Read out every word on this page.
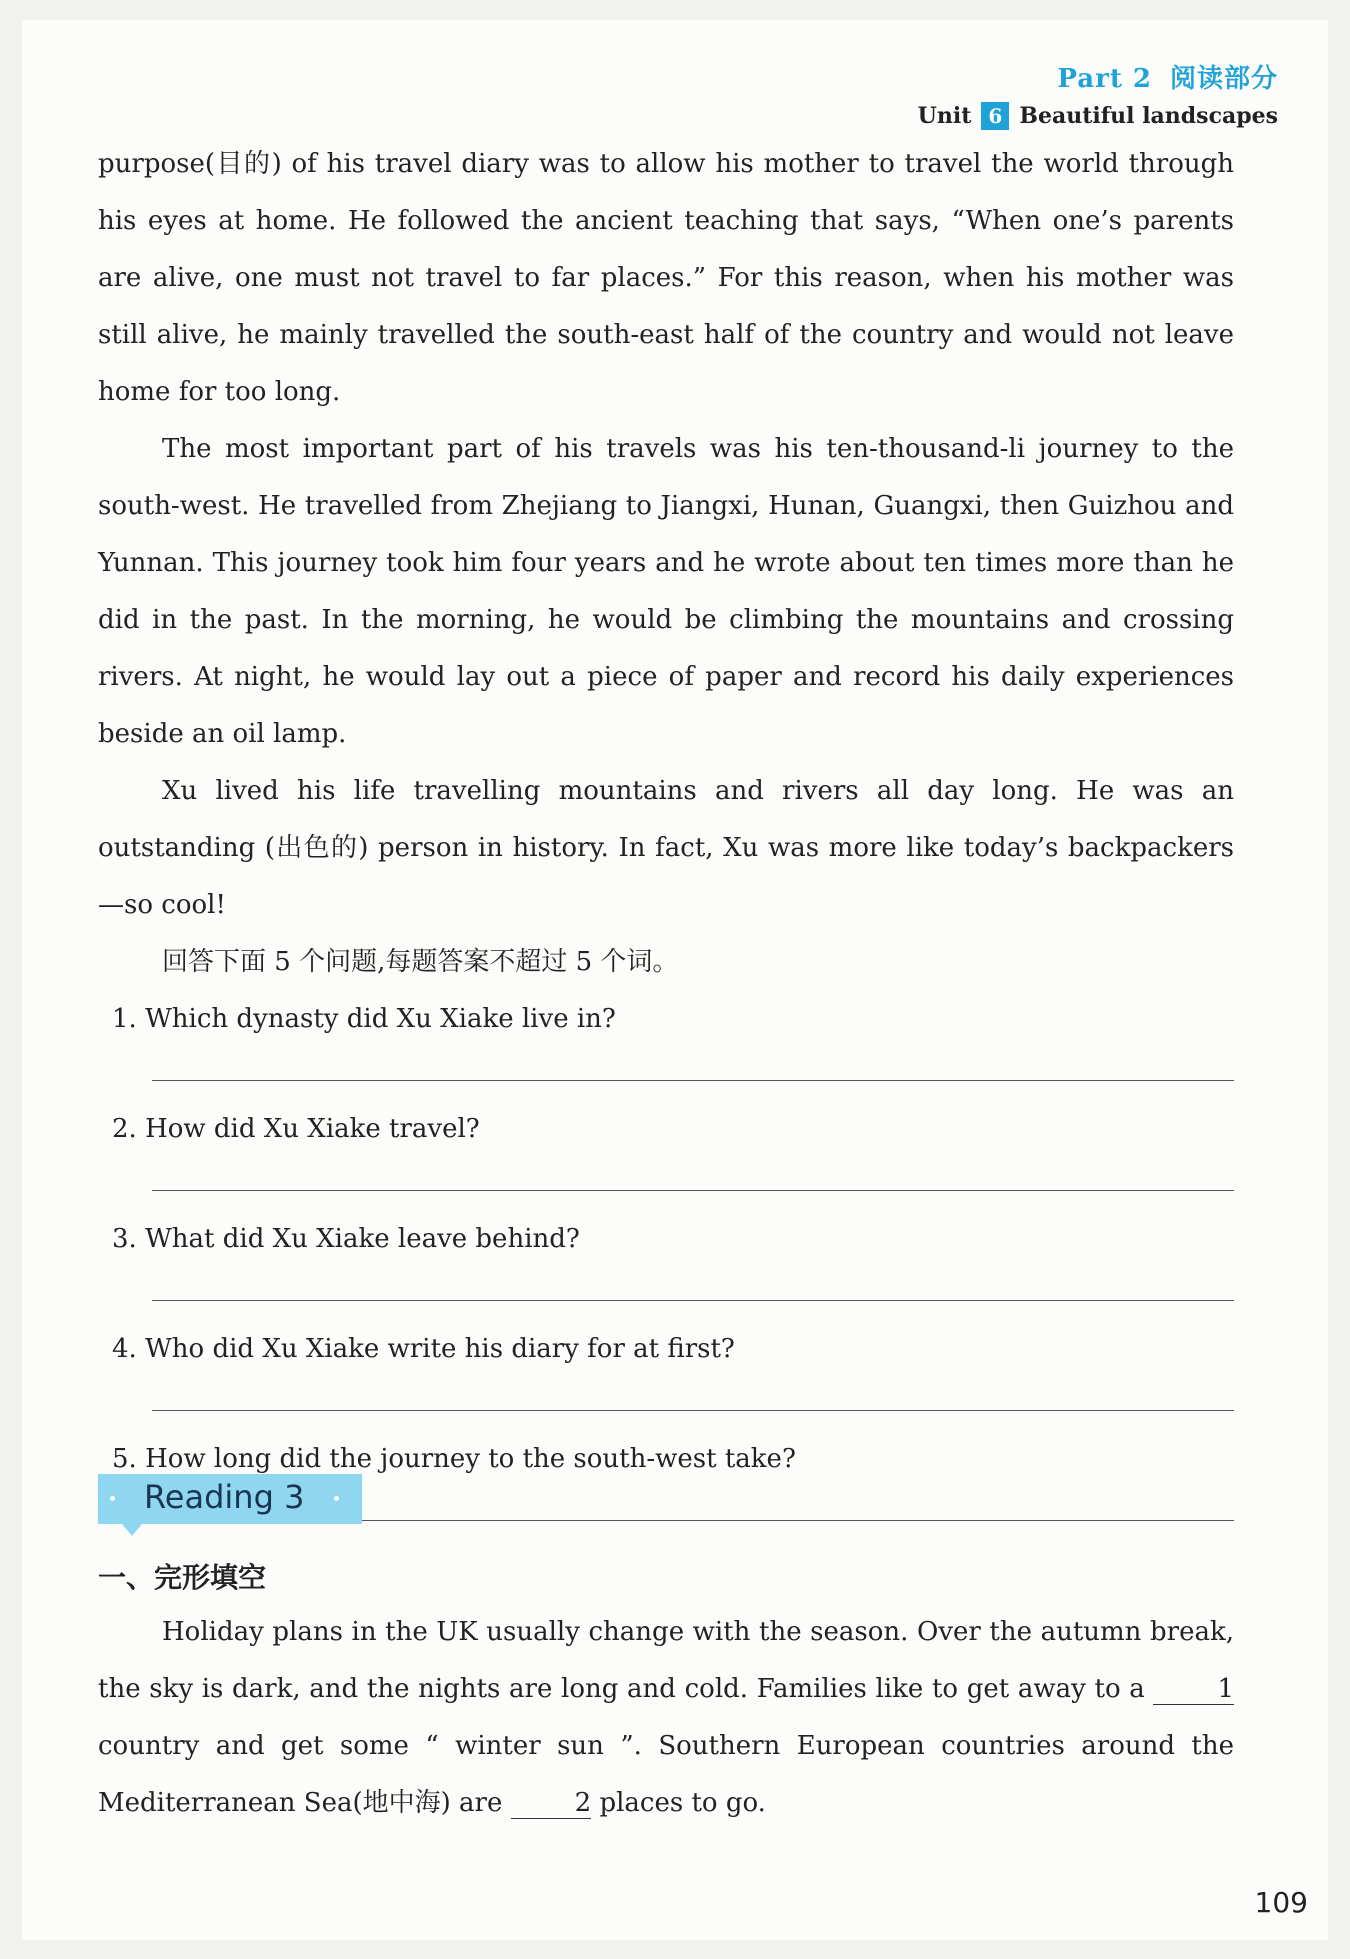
Part 2 阅读部分
Unit 6 Beautiful landscapes

purpose(目的) of his travel diary was to allow his mother to travel the world through his eyes at home. He followed the ancient teaching that says, “When one’s parents are alive, one must not travel to far places.” For this reason, when his mother was still alive, he mainly travelled the south-east half of the country and would not leave home for too long.

The most important part of his travels was his ten-thousand-li journey to the south-west. He travelled from Zhejiang to Jiangxi, Hunan, Guangxi, then Guizhou and Yunnan. This journey took him four years and he wrote about ten times more than he did in the past. In the morning, he would be climbing the mountains and crossing rivers. At night, he would lay out a piece of paper and record his daily experiences beside an oil lamp.

Xu lived his life travelling mountains and rivers all day long. He was an outstanding (出色的) person in history. In fact, Xu was more like today’s backpackers—so cool!

回答下面 5 个问题,每题答案不超过 5 个词。

1. Which dynasty did Xu Xiake live in?
2. How did Xu Xiake travel?
3. What did Xu Xiake leave behind?
4. Who did Xu Xiake write his diary for at first?
5. How long did the journey to the south-west take?
Reading 3
一、完形填空

Holiday plans in the UK usually change with the season. Over the autumn break, the sky is dark, and the nights are long and cold. Families like to get away to a	1 country and get some “ winter sun ”. Southern European countries around the Mediterranean Sea(地中海) are	2 places to go.

109
